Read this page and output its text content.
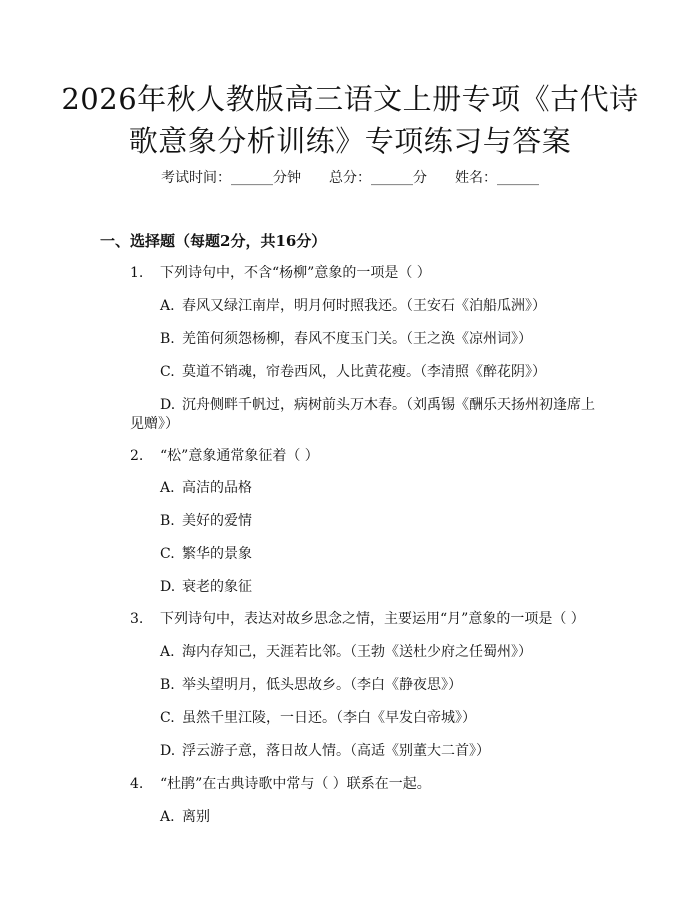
2026年秋人教版高三语文上册专项《古代诗
歌意象分析训练》专项练习与答案
考试时间：______分钟 总分：______分 姓名：______
一、选择题（每题2分，共16分）
1. 下列诗句中，不含“杨柳”意象的一项是（ ）
A. 春风又绿江南岸，明月何时照我还。（王安石《泊船瓜洲》）
B. 羌笛何须怨杨柳，春风不度玉门关。（王之涣《凉州词》）
C. 莫道不销魂，帘卷西风，人比黄花瘦。（李清照《醉花阴》）
D. 沉舟侧畔千帆过，病树前头万木春。（刘禹锡《酬乐天扬州初逢席上
见赠》）
2. “松”意象通常象征着（ ）
A. 高洁的品格
B. 美好的爱情
C. 繁华的景象
D. 衰老的象征
3. 下列诗句中，表达对故乡思念之情，主要运用“月”意象的一项是（ ）
A. 海内存知己，天涯若比邻。（王勃《送杜少府之任蜀州》）
B. 举头望明月，低头思故乡。（李白《静夜思》）
C. 虽然千里江陵，一日还。（李白《早发白帝城》）
D. 浮云游子意，落日故人情。（高适《别董大二首》）
4. “杜鹃”在古典诗歌中常与（ ）联系在一起。
A. 离别
